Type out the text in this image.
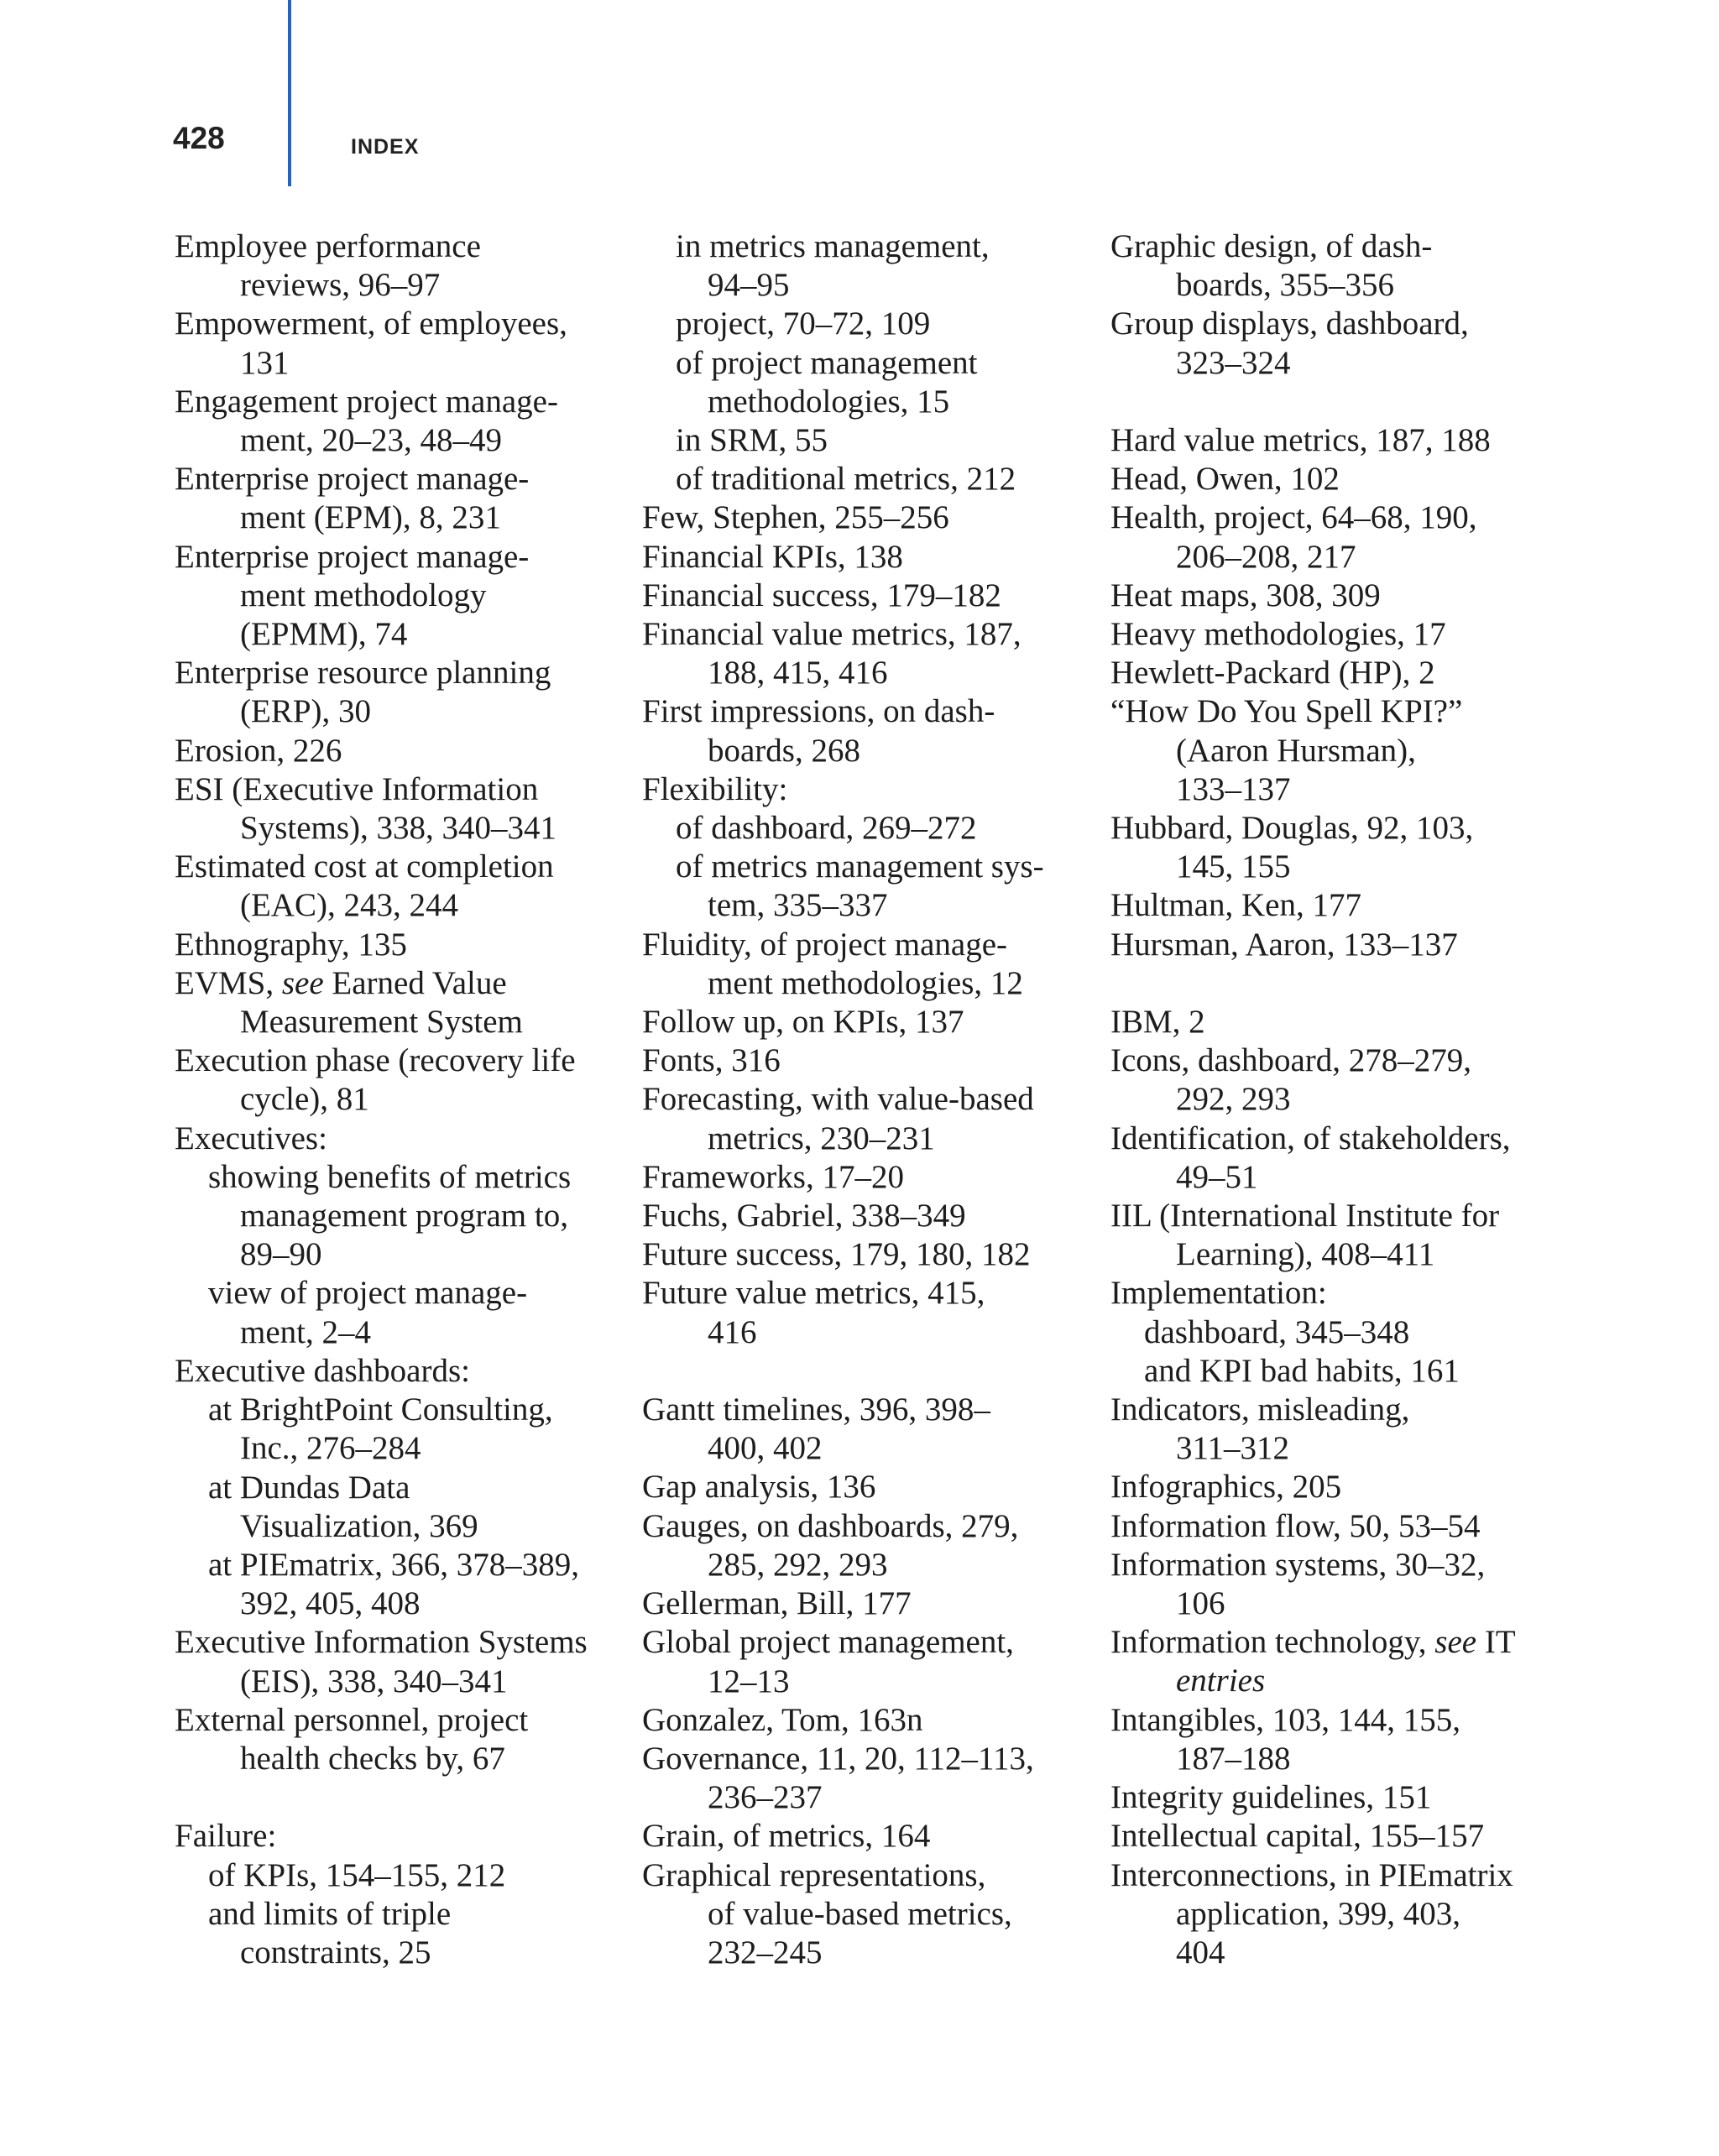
428	INDEX
Employee performance
reviews, 96–97
Empowerment, of employees,
131
Engagement project manage-
ment, 20–23, 48–49
Enterprise project manage-
ment (EPM), 8, 231
Enterprise project manage-
ment methodology
(EPMM), 74
Enterprise resource planning
(ERP), 30
Erosion, 226
ESI (Executive Information
Systems), 338, 340–341
Estimated cost at completion
(EAC), 243, 244
Ethnography, 135
EVMS, see Earned Value
Measurement System
Execution phase (recovery life
cycle), 81
Executives:
showing benefits of metrics
management program to,
89–90
view of project manage-
ment, 2–4
Executive dashboards:
at BrightPoint Consulting,
Inc., 276–284
at Dundas Data
Visualization, 369
at PIEmatrix, 366, 378–389,
392, 405, 408
Executive Information Systems
(EIS), 338, 340–341
External personnel, project
health checks by, 67
Failure:
of KPIs, 154–155, 212
and limits of triple
constraints, 25
in metrics management,
94–95
project, 70–72, 109
of project management
methodologies, 15
in SRM, 55
of traditional metrics, 212
Few, Stephen, 255–256
Financial KPIs, 138
Financial success, 179–182
Financial value metrics, 187,
188, 415, 416
First impressions, on dash-
boards, 268
Flexibility:
of dashboard, 269–272
of metrics management sys-
tem, 335–337
Fluidity, of project manage-
ment methodologies, 12
Follow up, on KPIs, 137
Fonts, 316
Forecasting, with value-based
metrics, 230–231
Frameworks, 17–20
Fuchs, Gabriel, 338–349
Future success, 179, 180, 182
Future value metrics, 415,
416
Gantt timelines, 396, 398–
400, 402
Gap analysis, 136
Gauges, on dashboards, 279,
285, 292, 293
Gellerman, Bill, 177
Global project management,
12–13
Gonzalez, Tom, 163n
Governance, 11, 20, 112–113,
236–237
Grain, of metrics, 164
Graphical representations,
of value-based metrics,
232–245
Graphic design, of dash-
boards, 355–356
Group displays, dashboard,
323–324
Hard value metrics, 187, 188
Head, Owen, 102
Health, project, 64–68, 190,
206–208, 217
Heat maps, 308, 309
Heavy methodologies, 17
Hewlett-Packard (HP), 2
“How Do You Spell KPI?”
(Aaron Hursman),
133–137
Hubbard, Douglas, 92, 103,
145, 155
Hultman, Ken, 177
Hursman, Aaron, 133–137
IBM, 2
Icons, dashboard, 278–279,
292, 293
Identification, of stakeholders,
49–51
IIL (International Institute for
Learning), 408–411
Implementation:
dashboard, 345–348
and KPI bad habits, 161
Indicators, misleading,
311–312
Infographics, 205
Information flow, 50, 53–54
Information systems, 30–32,
106
Information technology, see IT
entries
Intangibles, 103, 144, 155,
187–188
Integrity guidelines, 151
Intellectual capital, 155–157
Interconnections, in PIEmatrix
application, 399, 403,
404
